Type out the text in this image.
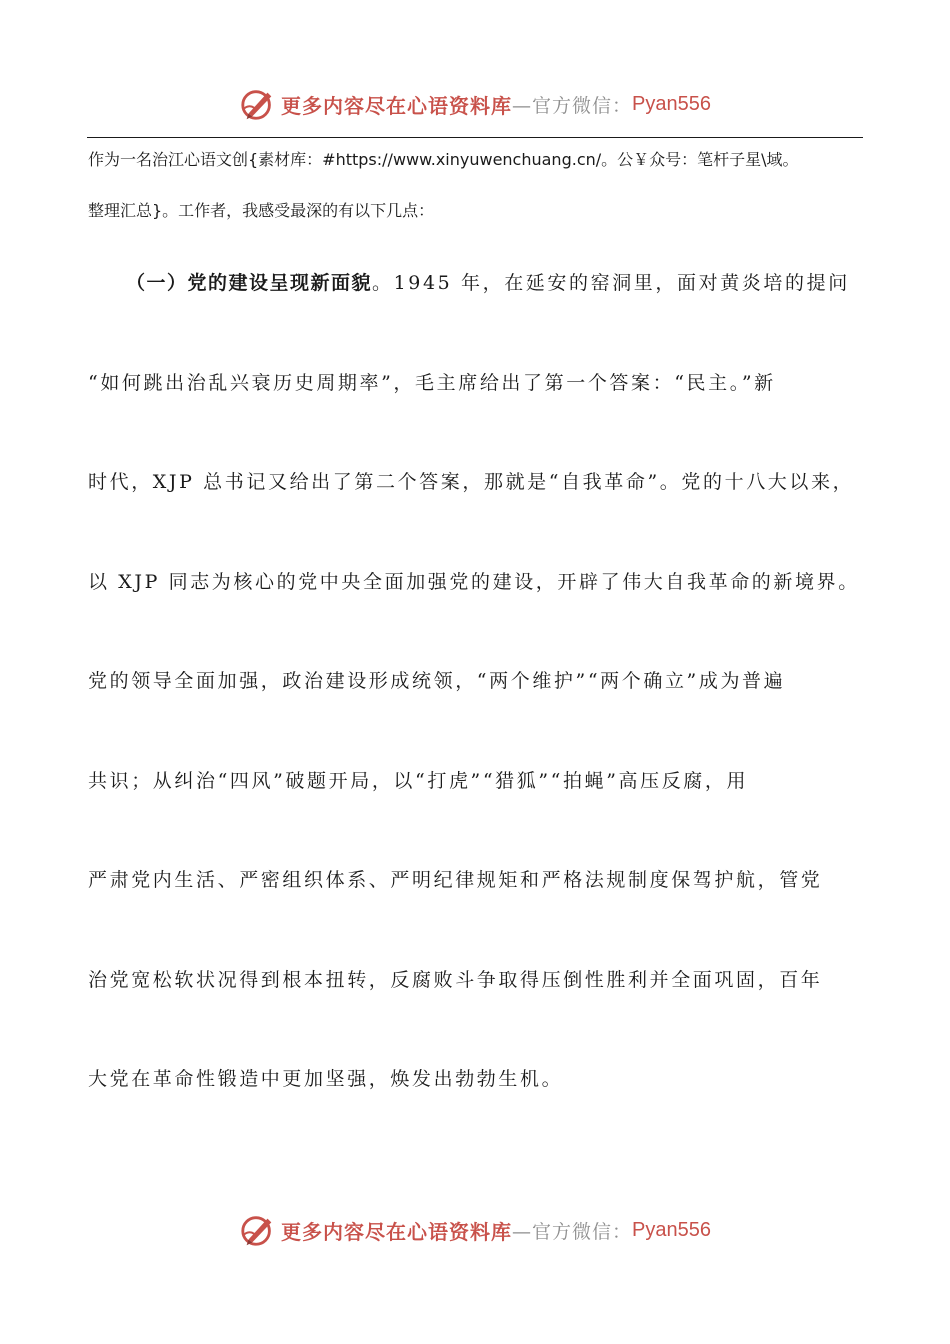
更多内容尽在心语资料库 —官方微信： Pyan556
作为一名治江心语文创{素材库：#https://www.xinyuwenchuang.cn/。公￥众号：笔杆子星\域。
整理汇总}。工作者，我感受最深的有以下几点：
（一）党的建设呈现新面貌。1945 年，在延安的窑洞里，面对黄炎培的提问
“如何跳出治乱兴衰历史周期率”，毛主席给出了第一个答案：“民主。”新
时代，XJP 总书记又给出了第二个答案，那就是“自我革命”。党的十八大以来，
以 XJP 同志为核心的党中央全面加强党的建设，开辟了伟大自我革命的新境界。
党的领导全面加强，政治建设形成统领，“两个维护”“两个确立”成为普遍
共识；从纠治“四风”破题开局，以“打虎”“猎狐”“拍蝇”高压反腐，用
严肃党内生活、严密组织体系、严明纪律规矩和严格法规制度保驾护航，管党
治党宽松软状况得到根本扭转，反腐败斗争取得压倒性胜利并全面巩固，百年
大党在革命性锻造中更加坚强，焕发出勃勃生机。
更多内容尽在心语资料库 —官方微信： Pyan556
